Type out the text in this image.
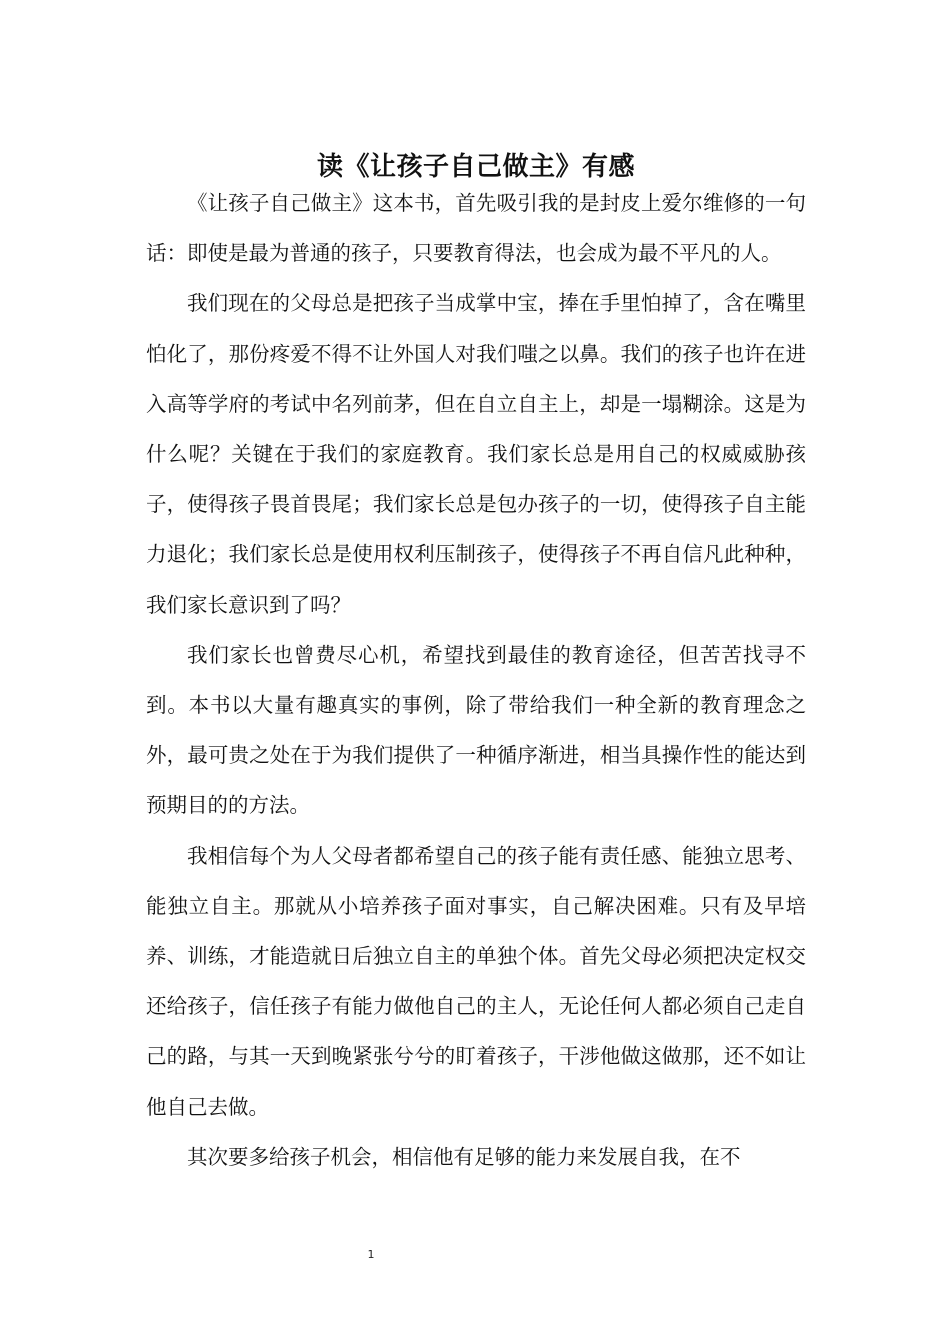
读《让孩子自己做主》有感

《让孩子自己做主》这本书，首先吸引我的是封皮上爱尔维修的一句话：即使是最为普通的孩子，只要教育得法，也会成为最不平凡的人。

我们现在的父母总是把孩子当成掌中宝，捧在手里怕掉了，含在嘴里怕化了，那份疼爱不得不让外国人对我们嗤之以鼻。我们的孩子也许在进入高等学府的考试中名列前茅，但在自立自主上，却是一塌糊涂。这是为什么呢？关键在于我们的家庭教育。我们家长总是用自己的权威威胁孩子，使得孩子畏首畏尾；我们家长总是包办孩子的一切，使得孩子自主能力退化；我们家长总是使用权利压制孩子，使得孩子不再自信凡此种种，我们家长意识到了吗？

我们家长也曾费尽心机，希望找到最佳的教育途径，但苦苦找寻不到。本书以大量有趣真实的事例，除了带给我们一种全新的教育理念之外，最可贵之处在于为我们提供了一种循序渐进，相当具操作性的能达到预期目的的方法。

我相信每个为人父母者都希望自己的孩子能有责任感、能独立思考、能独立自主。那就从小培养孩子面对事实，自己解决困难。只有及早培养、训练，才能造就日后独立自主的单独个体。首先父母必须把决定权交还给孩子，信任孩子有能力做他自己的主人，无论任何人都必须自己走自己的路，与其一天到晚紧张兮兮的盯着孩子，干涉他做这做那，还不如让他自己去做。

其次要多给孩子机会，相信他有足够的能力来发展自我，在不

1
